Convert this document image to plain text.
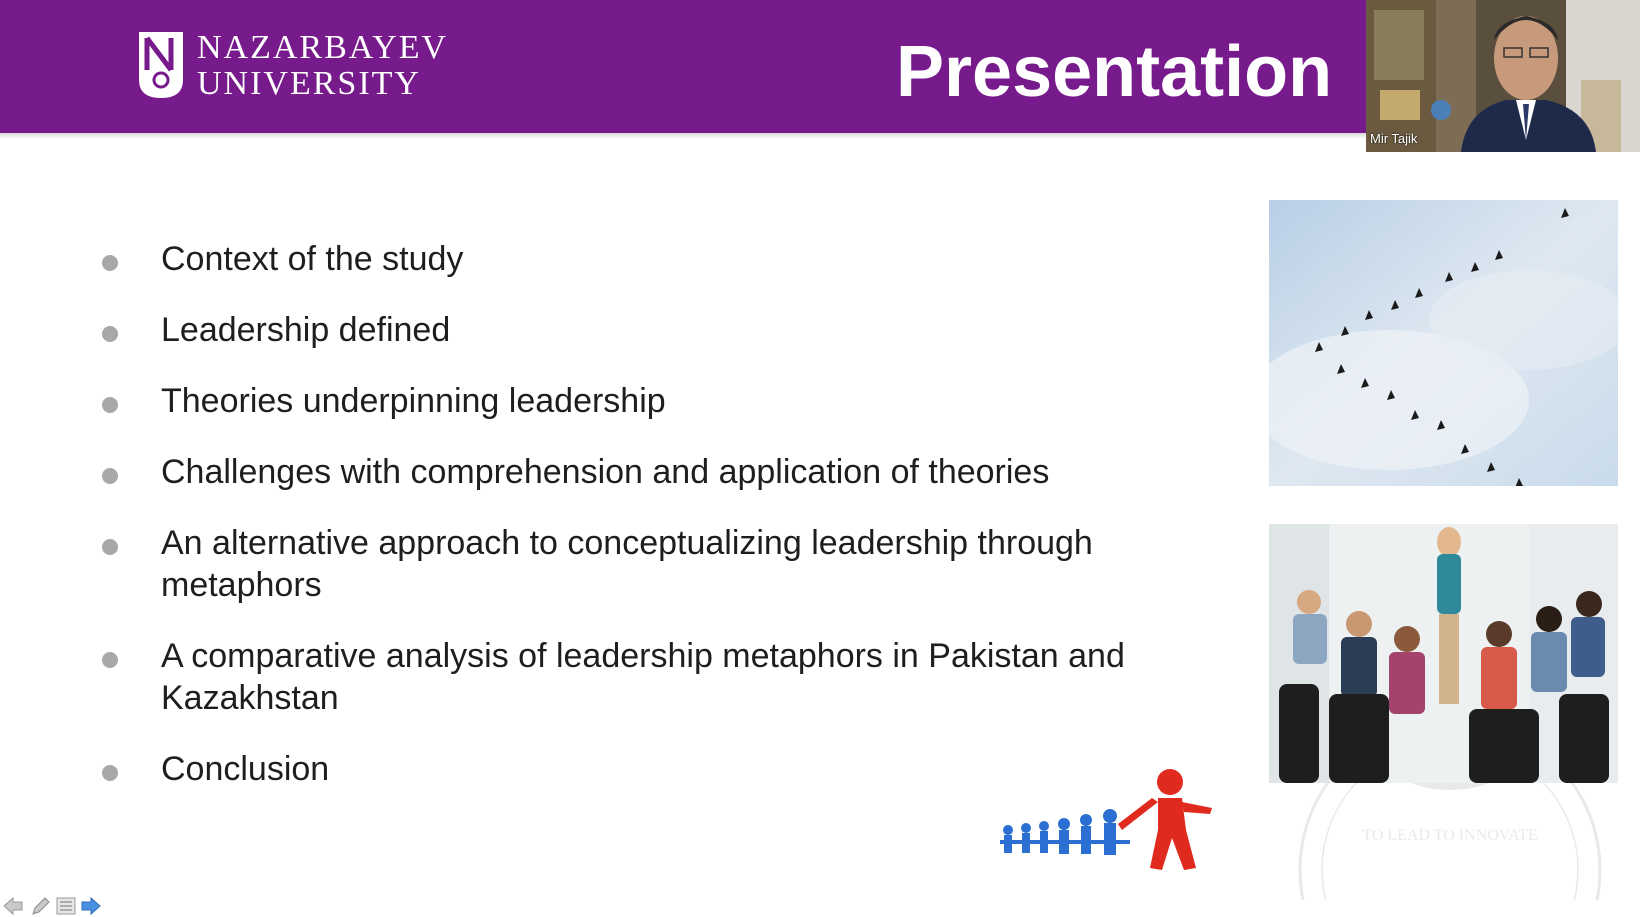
NAZARBAYEV
UNIVERSITY	Presentation
Mir Tajik
Context of the study
Leadership defined
Theories underpinning leadership
Challenges with comprehension and application of theories
An alternative approach to conceptualizing leadership through metaphors
A comparative analysis of leadership metaphors in Pakistan and Kazakhstan
Conclusion
TO LEAD TO INNOVATE
